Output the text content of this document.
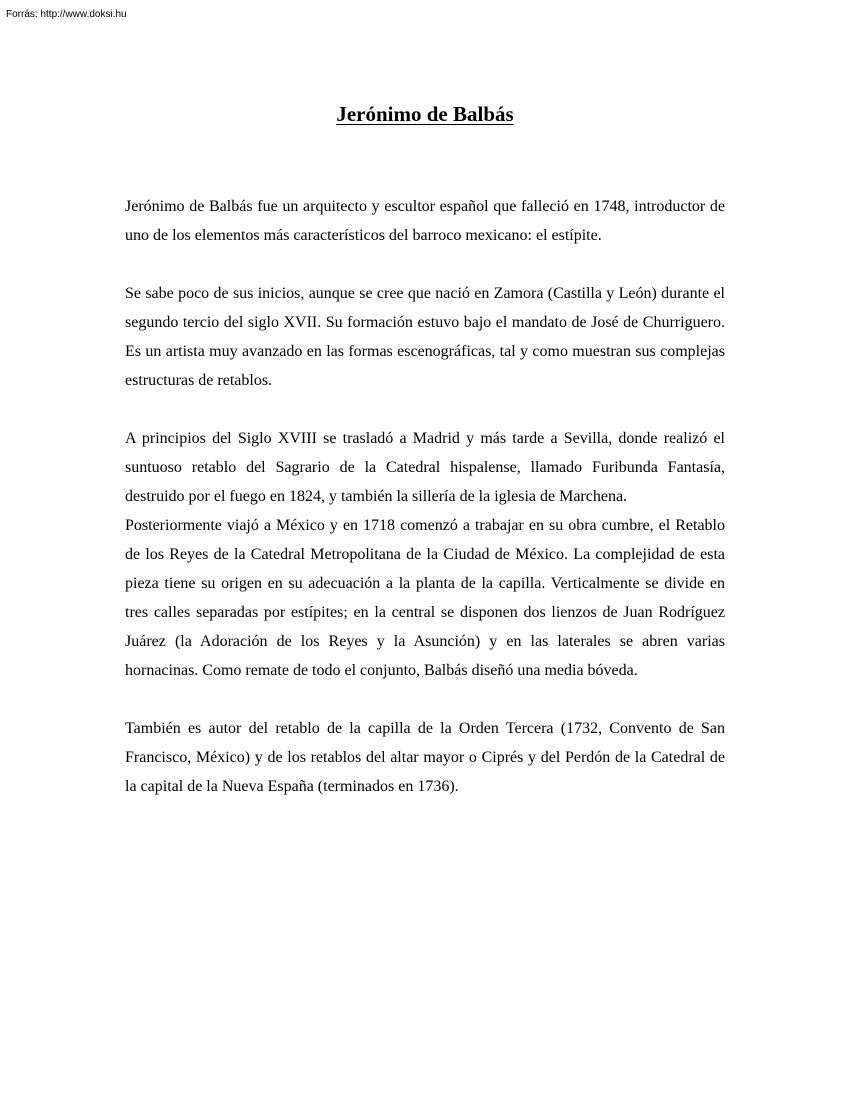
Forrás: http://www.doksi.hu
Jerónimo de Balbás

Jerónimo de Balbás fue un arquitecto y escultor español que falleció en 1748, introductor de uno de los elementos más característicos del barroco mexicano: el estípite.

Se sabe poco de sus inicios, aunque se cree que nació en Zamora (Castilla y León) durante el segundo tercio del siglo XVII. Su formación estuvo bajo el mandato de José de Churriguero. Es un artista muy avanzado en las formas escenográficas, tal y como muestran sus complejas estructuras de retablos.

A principios del Siglo XVIII se trasladó a Madrid y más tarde a Sevilla, donde realizó el suntuoso retablo del Sagrario de la Catedral hispalense, llamado Furibunda Fantasía, destruido por el fuego en 1824, y también la sillería de la iglesia de Marchena.

Posteriormente viajó a México y en 1718 comenzó a trabajar en su obra cumbre, el Retablo de los Reyes de la Catedral Metropolitana de la Ciudad de México. La complejidad de esta pieza tiene su origen en su adecuación a la planta de la capilla. Verticalmente se divide en tres calles separadas por estípites; en la central se disponen dos lienzos de Juan Rodríguez Juárez (la Adoración de los Reyes y la Asunción) y en las laterales se abren varias hornacinas. Como remate de todo el conjunto, Balbás diseñó una media bóveda.

También es autor del retablo de la capilla de la Orden Tercera (1732, Convento de San Francisco, México) y de los retablos del altar mayor o Ciprés y del Perdón de la Catedral de la capital de la Nueva España (terminados en 1736).
